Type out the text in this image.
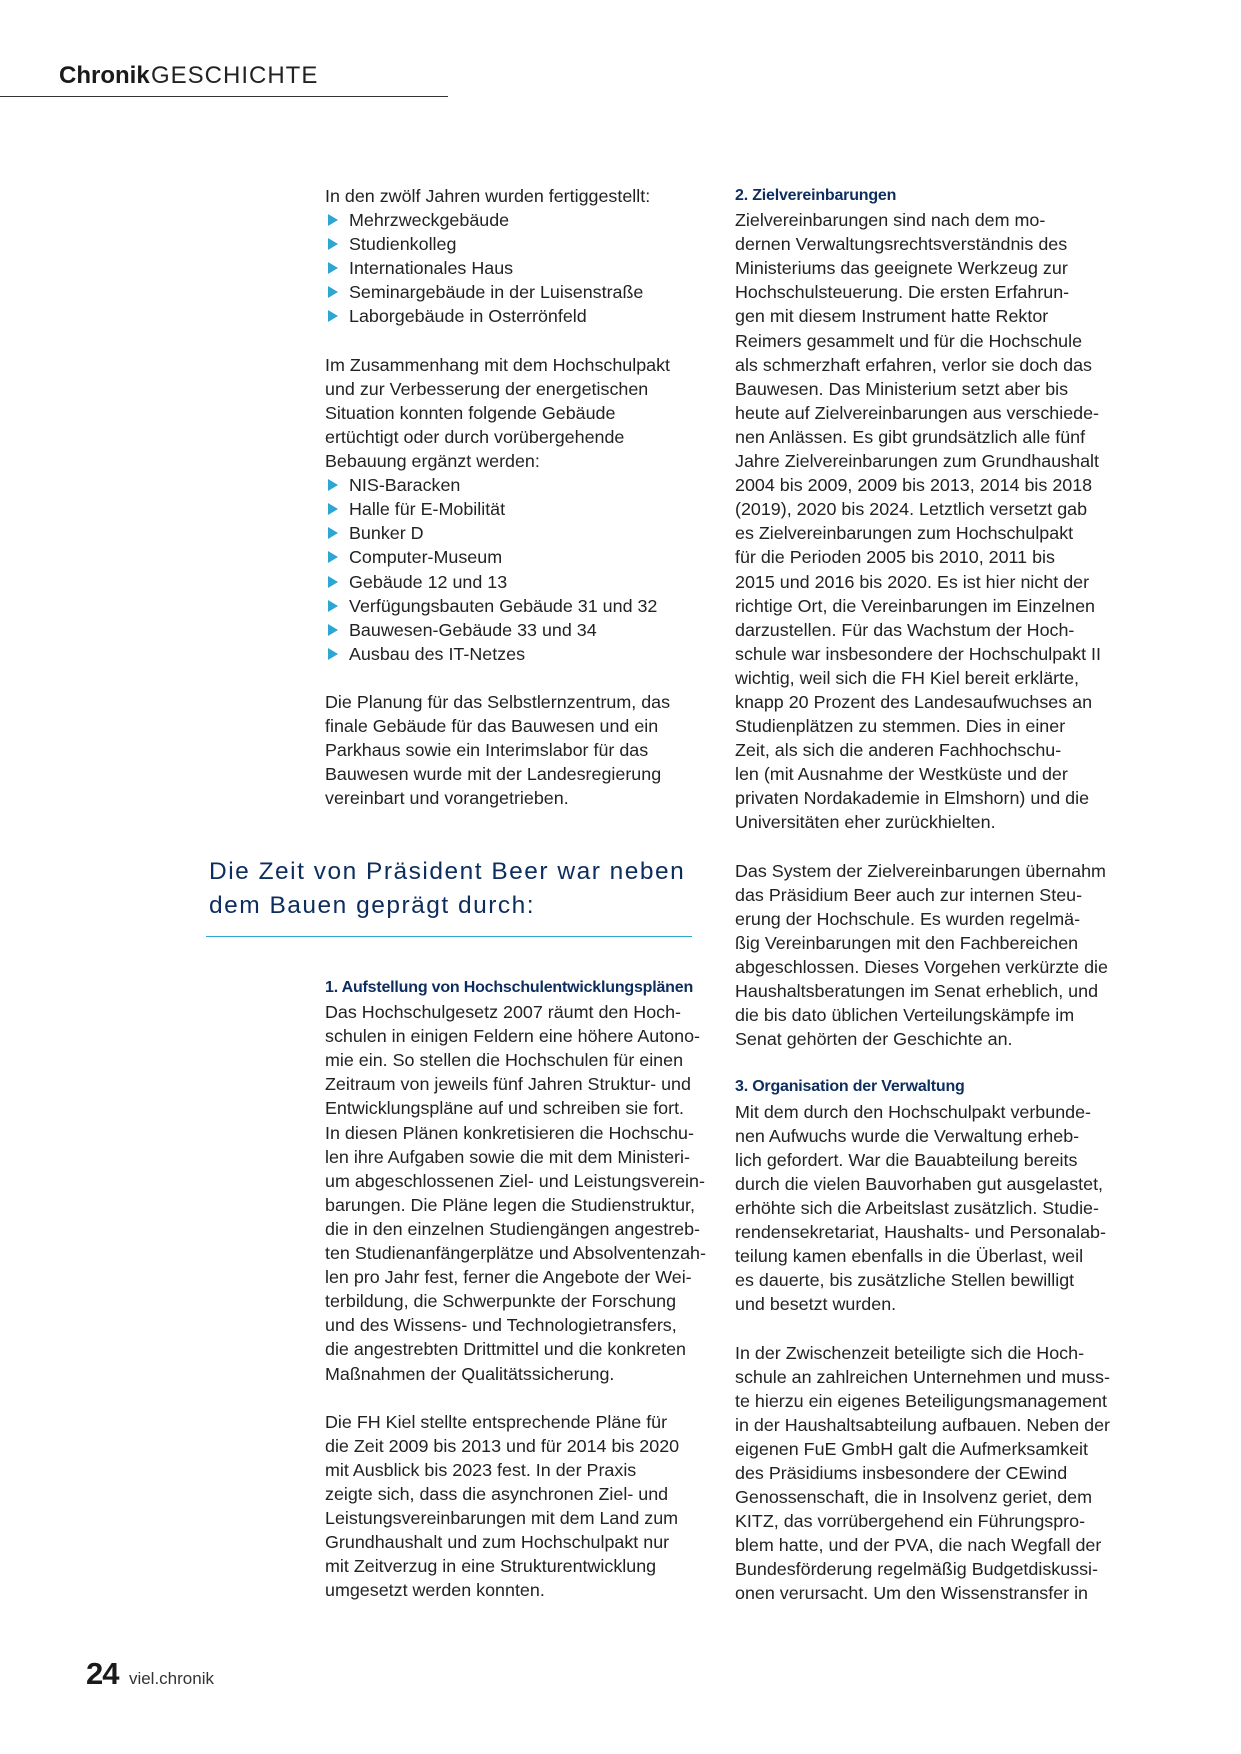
Chronik GESCHICHTE

In den zwölf Jahren wurden fertiggestellt:

Mehrzweckgebäude
Studienkolleg
Internationales Haus
Seminargebäude in der Luisenstraße
Laborgebäude in Osterrönfeld

Im Zusammenhang mit dem Hochschulpakt

und zur Verbesserung der energetischen

Situation konnten folgende Gebäude

ertüchtigt oder durch vorübergehende

Bebauung ergänzt werden:

NIS-Baracken
Halle für E-Mobilität
Bunker D
Computer-Museum
Gebäude 12 und 13
Verfügungsbauten Gebäude 31 und 32
Bauwesen-Gebäude 33 und 34
Ausbau des IT-Netzes

Die Planung für das Selbstlernzentrum, das

finale Gebäude für das Bauwesen und ein

Parkhaus sowie ein Interimslabor für das

Bauwesen wurde mit der Landesregierung

vereinbart und vorangetrieben.

Die Zeit von Präsident Beer war neben
dem Bauen geprägt durch:

1. Aufstellung von Hochschulentwicklungsplänen

Das Hochschulgesetz 2007 räumt den Hoch-

schulen in einigen Feldern eine höhere Autono-

mie ein. So stellen die Hochschulen für einen

Zeitraum von jeweils fünf Jahren Struktur- und

Entwicklungspläne auf und schreiben sie fort.

In diesen Plänen konkretisieren die Hochschu-

len ihre Aufgaben sowie die mit dem Ministeri-

um abgeschlossenen Ziel- und Leistungsverein-

barungen. Die Pläne legen die Studienstruktur,

die in den einzelnen Studiengängen angestreb-

ten Studienanfängerplätze und Absolventenzah-

len pro Jahr fest, ferner die Angebote der Wei-

terbildung, die Schwerpunkte der Forschung

und des Wissens- und Technologietransfers,

die angestrebten Drittmittel und die konkreten

Maßnahmen der Qualitätssicherung.

Die FH Kiel stellte entsprechende Pläne für

die Zeit 2009 bis 2013 und für 2014 bis 2020

mit Ausblick bis 2023 fest. In der Praxis

zeigte sich, dass die asynchronen Ziel- und

Leistungsvereinbarungen mit dem Land zum

Grundhaushalt und zum Hochschulpakt nur

mit Zeitverzug in eine Strukturentwicklung

umgesetzt werden konnten.

2. Zielvereinbarungen

Zielvereinbarungen sind nach dem mo-

dernen Verwaltungsrechtsverständnis des

Ministeriums das geeignete Werkzeug zur

Hochschulsteuerung. Die ersten Erfahrun-

gen mit diesem Instrument hatte Rektor

Reimers gesammelt und für die Hochschule

als schmerzhaft erfahren, verlor sie doch das

Bauwesen. Das Ministerium setzt aber bis

heute auf Zielvereinbarungen aus verschiede-

nen Anlässen. Es gibt grundsätzlich alle fünf

Jahre Zielvereinbarungen zum Grundhaushalt

2004 bis 2009, 2009 bis 2013, 2014 bis 2018

(2019), 2020 bis 2024. Letztlich versetzt gab

es Zielvereinbarungen zum Hochschulpakt

für die Perioden 2005 bis 2010, 2011 bis

2015 und 2016 bis 2020. Es ist hier nicht der

richtige Ort, die Vereinbarungen im Einzelnen

darzustellen. Für das Wachstum der Hoch-

schule war insbesondere der Hochschulpakt II

wichtig, weil sich die FH Kiel bereit erklärte,

knapp 20 Prozent des Landesaufwuchses an

Studienplätzen zu stemmen. Dies in einer

Zeit, als sich die anderen Fachhochschu-

len (mit Ausnahme der Westküste und der

privaten Nordakademie in Elmshorn) und die

Universitäten eher zurückhielten.

Das System der Zielvereinbarungen übernahm

das Präsidium Beer auch zur internen Steu-

erung der Hochschule. Es wurden regelmä-

ßig Vereinbarungen mit den Fachbereichen

abgeschlossen. Dieses Vorgehen verkürzte die

Haushaltsberatungen im Senat erheblich, und

die bis dato üblichen Verteilungskämpfe im

Senat gehörten der Geschichte an.

3. Organisation der Verwaltung

Mit dem durch den Hochschulpakt verbunde-

nen Aufwuchs wurde die Verwaltung erheb-

lich gefordert. War die Bauabteilung bereits

durch die vielen Bauvorhaben gut ausgelastet,

erhöhte sich die Arbeitslast zusätzlich. Studie-

rendensekretariat, Haushalts- und Personalab-

teilung kamen ebenfalls in die Überlast, weil

es dauerte, bis zusätzliche Stellen bewilligt

und besetzt wurden.

In der Zwischenzeit beteiligte sich die Hoch-

schule an zahlreichen Unternehmen und muss-

te hierzu ein eigenes Beteiligungsmanagement

in der Haushaltsabteilung aufbauen. Neben der

eigenen FuE GmbH galt die Aufmerksamkeit

des Präsidiums insbesondere der CEwind

Genossenschaft, die in Insolvenz geriet, dem

KITZ, das vorrübergehend ein Führungspro-

blem hatte, und der PVA, die nach Wegfall der

Bundesförderung regelmäßig Budgetdiskussi-

onen verursacht. Um den Wissenstransfer in

24 viel.chronik
